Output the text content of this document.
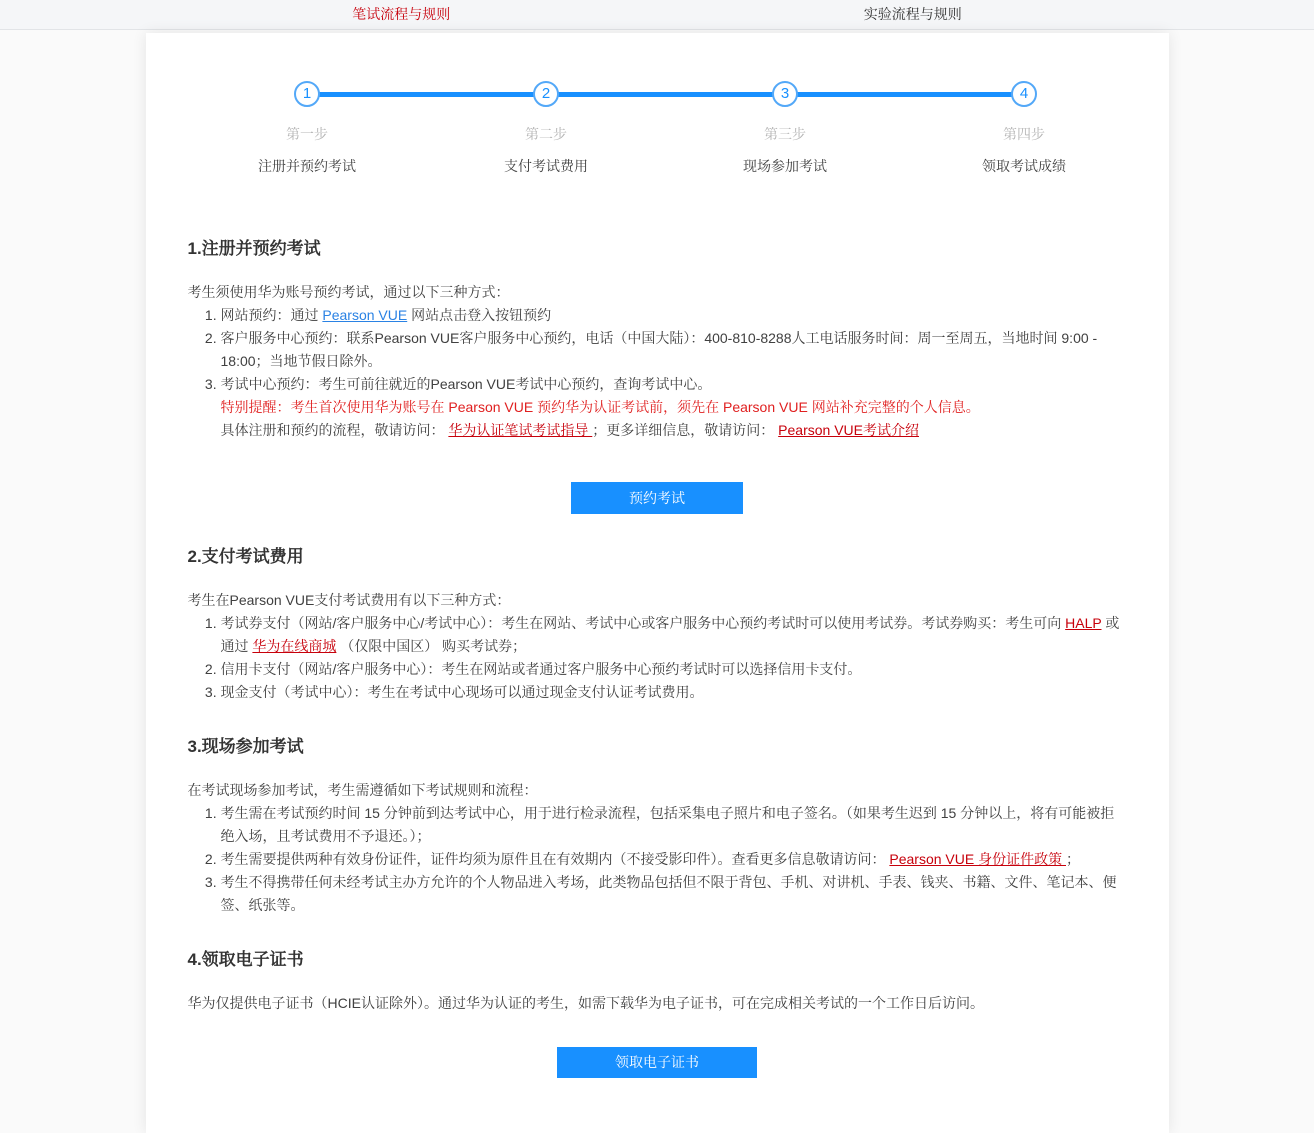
笔试流程与规则	实验流程与规则
1
第一步
注册并预约考试
2
第二步
支付考试费用
3
第三步
现场参加考试
4
第四步
领取考试成绩
1.注册并预约考试
考生须使用华为账号预约考试，通过以下三种方式：
1. 网站预约：通过 Pearson VUE 网站点击登入按钮预约
2. 客户服务中心预约：联系Pearson VUE客户服务中心预约，电话（中国大陆）：400-810-8288人工电话服务时间：周一至周五，当地时间 9:00 - 18:00；当地节假日除外。
3. 考试中心预约：考生可前往就近的Pearson VUE考试中心预约，查询考试中心。
特别提醒：考生首次使用华为账号在 Pearson VUE 预约华为认证考试前，须先在 Pearson VUE 网站补充完整的个人信息。
具体注册和预约的流程，敬请访问： 华为认证笔试考试指导 ；更多详细信息，敬请访问： Pearson VUE考试介绍
预约考试
2.支付考试费用
考生在Pearson VUE支付考试费用有以下三种方式：
1. 考试券支付（网站/客户服务中心/考试中心）：考生在网站、考试中心或客户服务中心预约考试时可以使用考试券。考试券购买：考生可向 HALP 或通过 华为在线商城 （仅限中国区） 购买考试券；
2. 信用卡支付（网站/客户服务中心）：考生在网站或者通过客户服务中心预约考试时可以选择信用卡支付。
3. 现金支付（考试中心）：考生在考试中心现场可以通过现金支付认证考试费用。
3.现场参加考试
在考试现场参加考试，考生需遵循如下考试规则和流程：
1. 考生需在考试预约时间 15 分钟前到达考试中心，用于进行检录流程，包括采集电子照片和电子签名。（如果考生迟到 15 分钟以上，将有可能被拒绝入场，且考试费用不予退还。）；
2. 考生需要提供两种有效身份证件，证件均须为原件且在有效期内（不接受影印件）。查看更多信息敬请访问： Pearson VUE 身份证件政策 ；
3. 考生不得携带任何未经考试主办方允许的个人物品进入考场，此类物品包括但不限于背包、手机、对讲机、手表、钱夹、书籍、文件、笔记本、便签、纸张等。
4.领取电子证书
华为仅提供电子证书（HCIE认证除外）。通过华为认证的考生，如需下载华为电子证书，可在完成相关考试的一个工作日后访问。
领取电子证书
